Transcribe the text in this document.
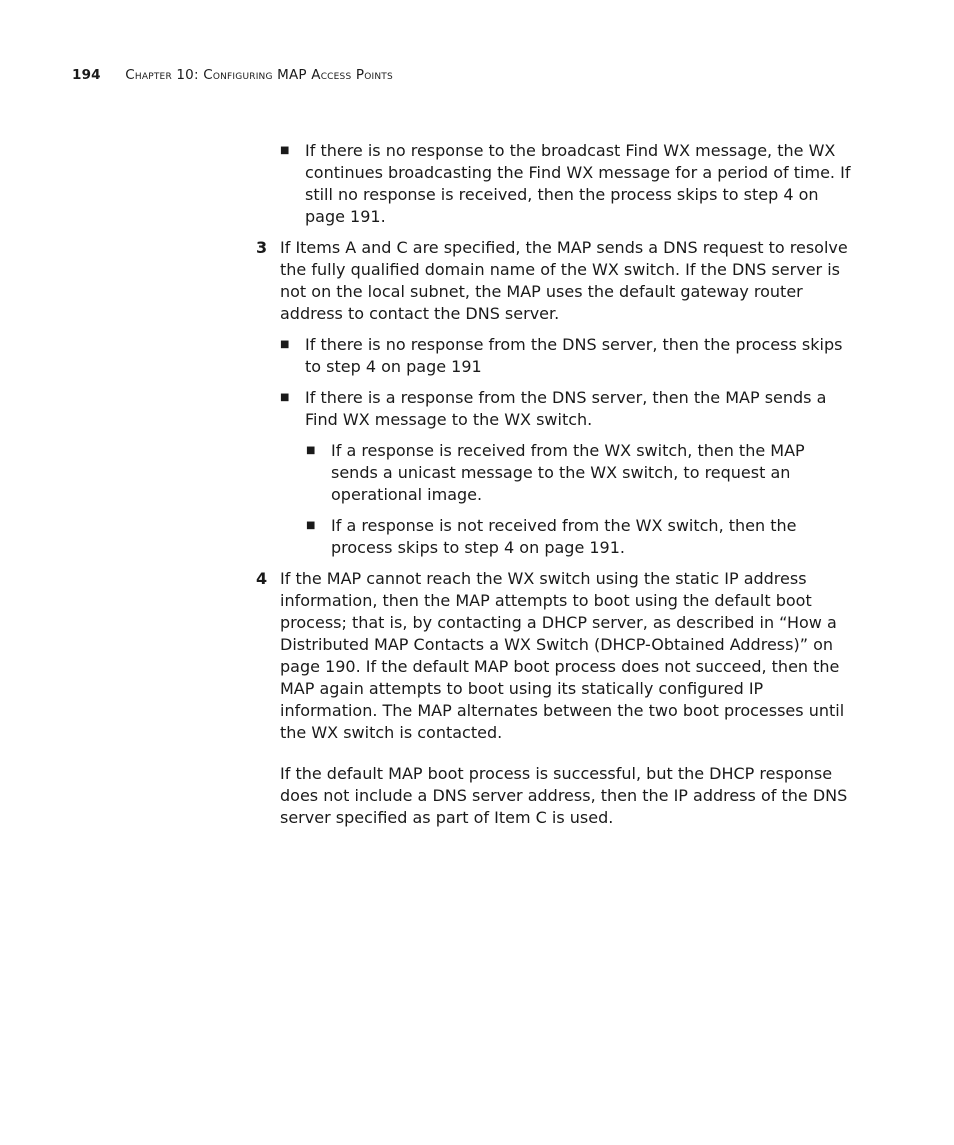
194 Chapter 10: Configuring MAP Access Points
■ If there is no response to the broadcast Find WX message, the WX continues broadcasting the Find WX message for a period of time. If still no response is received, then the process skips to step 4 on page 191.
3 If Items A and C are specified, the MAP sends a DNS request to resolve the fully qualified domain name of the WX switch. If the DNS server is not on the local subnet, the MAP uses the default gateway router address to contact the DNS server.
■ If there is no response from the DNS server, then the process skips to step 4 on page 191
■ If there is a response from the DNS server, then the MAP sends a Find WX message to the WX switch.
■ If a response is received from the WX switch, then the MAP sends a unicast message to the WX switch, to request an operational image.
■ If a response is not received from the WX switch, then the process skips to step 4 on page 191.
4 If the MAP cannot reach the WX switch using the static IP address information, then the MAP attempts to boot using the default boot process; that is, by contacting a DHCP server, as described in “How a Distributed MAP Contacts a WX Switch (DHCP-Obtained Address)” on page 190. If the default MAP boot process does not succeed, then the MAP again attempts to boot using its statically configured IP information. The MAP alternates between the two boot processes until the WX switch is contacted.
If the default MAP boot process is successful, but the DHCP response does not include a DNS server address, then the IP address of the DNS server specified as part of Item C is used.
